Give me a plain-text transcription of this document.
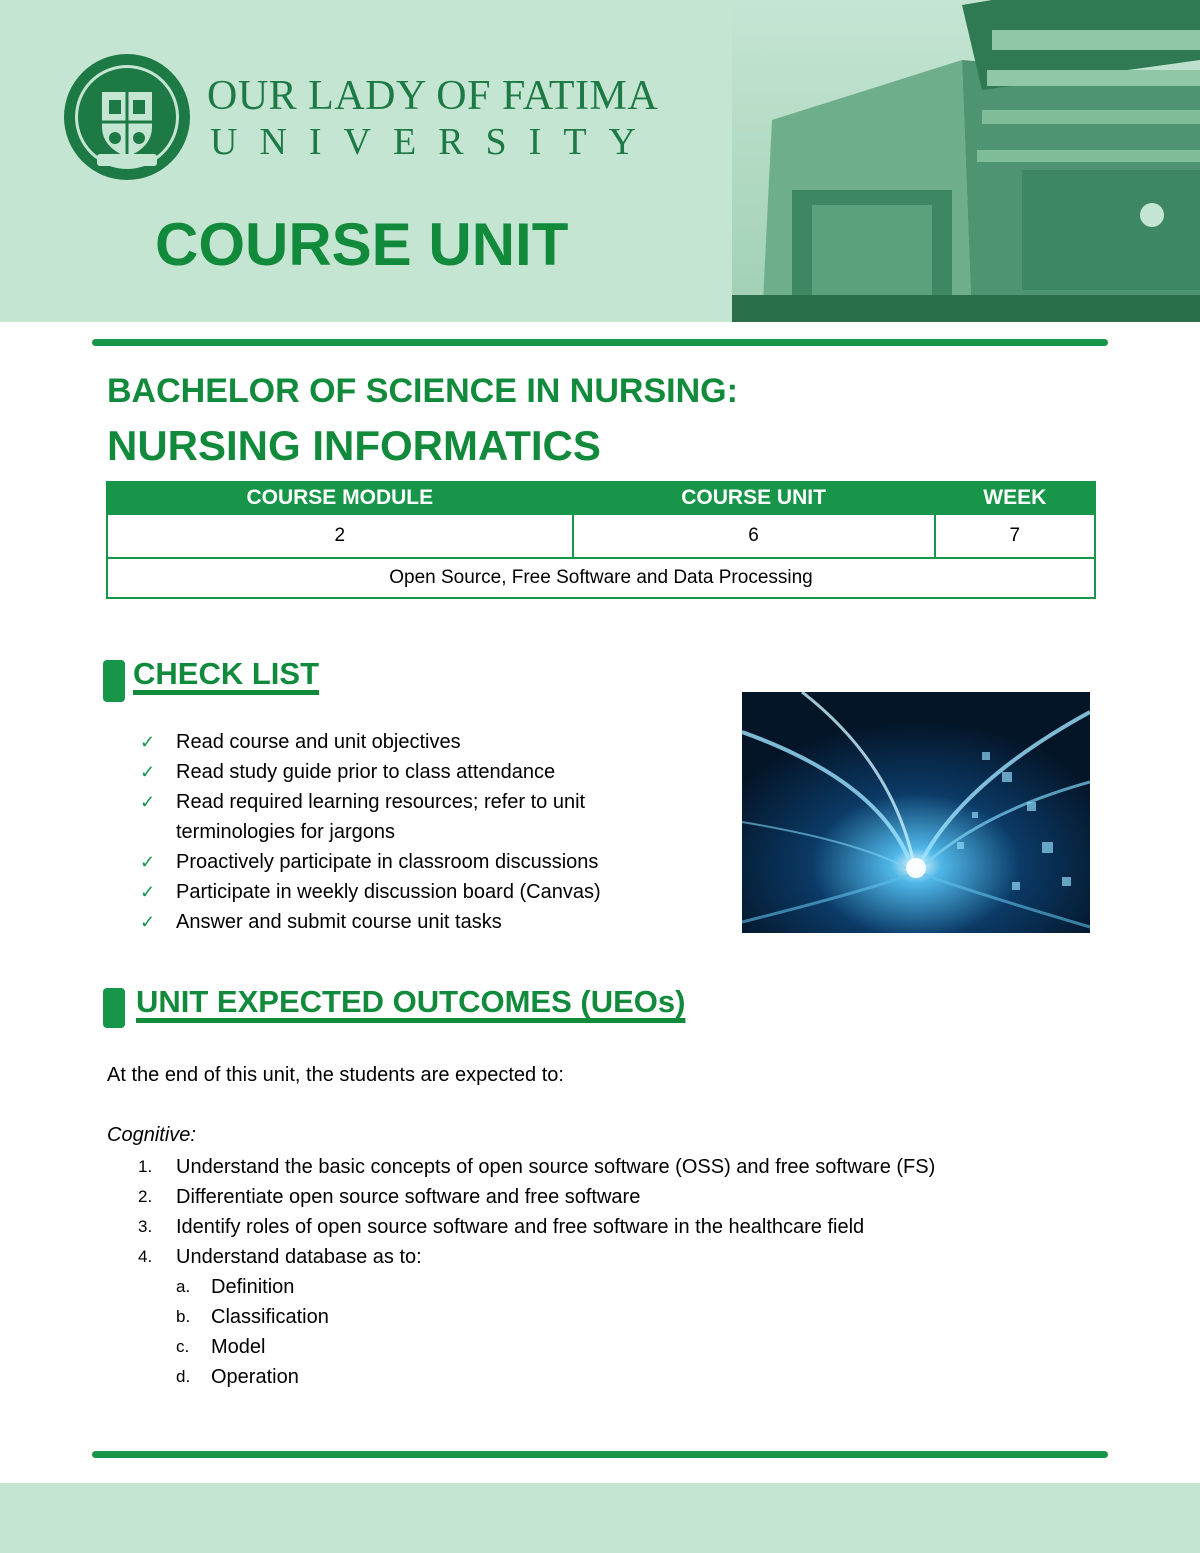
OUR LADY OF FATIMA
UNIVERSITY
COURSE UNIT
BACHELOR OF SCIENCE IN NURSING:
NURSING INFORMATICS
COURSE MODULE	COURSE UNIT	WEEK
2	6	7
Open Source, Free Software and Data Processing		
CHECK LIST
✓ Read course and unit objectives
✓ Read study guide prior to class attendance
✓ Read required learning resources; refer to unit terminologies for jargons
✓ Proactively participate in classroom discussions
✓ Participate in weekly discussion board (Canvas)
✓ Answer and submit course unit tasks
UNIT EXPECTED OUTCOMES (UEOs)
At the end of this unit, the students are expected to:
Cognitive:
1. Understand the basic concepts of open source software (OSS) and free software (FS)
2. Differentiate open source software and free software
3. Identify roles of open source software and free software in the healthcare field
4. Understand database as to:
a. Definition
b. Classification
c. Model
d. Operation
